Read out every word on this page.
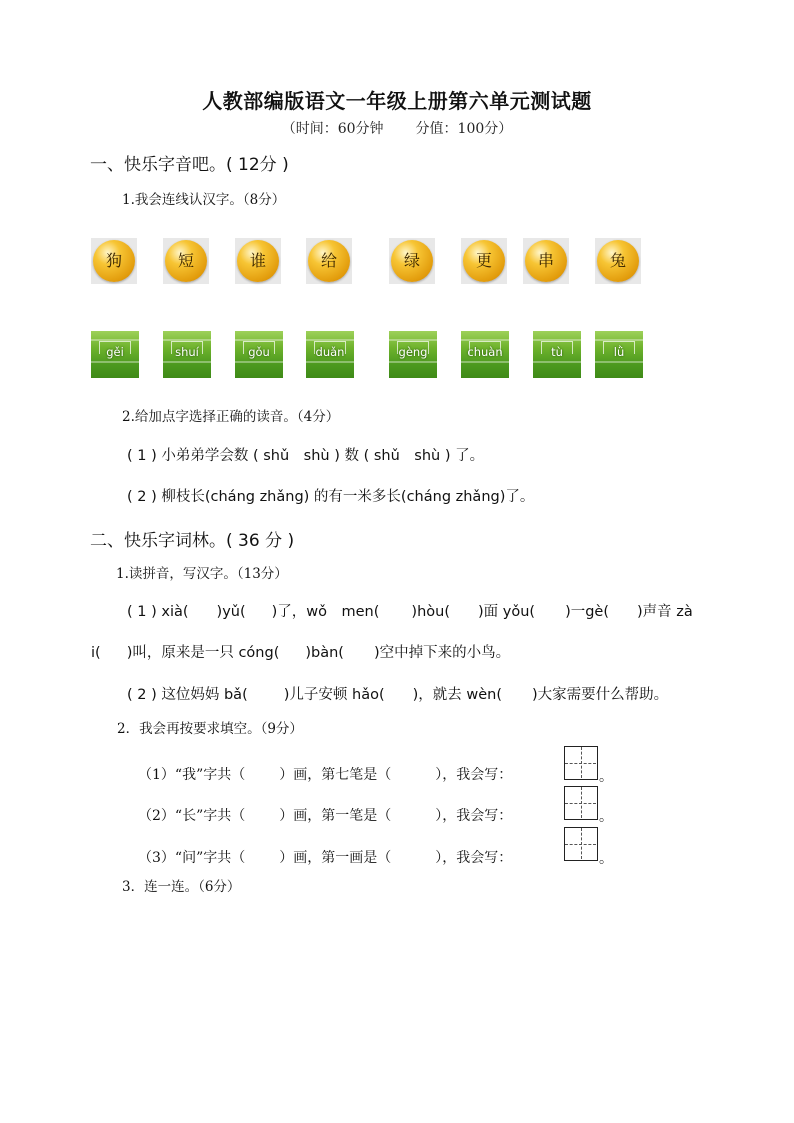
人教部编版语文一年级上册第六单元测试题
（时间：60分钟 分值：100分）
一、快乐字音吧。( 12分 )
1.我会连线认汉字。（8分）
狗	短	谁	给	绿	更	串	兔
gěi	shuí	gǒu	duǎn	gèng	chuàn	tù	lǜ
2.给加点字选择正确的读音。（4分）
( 1 ) 小弟弟学会数 ( shǔ　shù ) 数 ( shǔ　shù ) 了。
( 2 ) 柳枝长(cháng zhǎng) 的有一米多长(cháng zhǎng)了。
二、快乐字词林。( 36 分 )
1.读拼音，写汉字。（13分）
( 1 ) xià( )yǔ( )了，wǒ　men( )hòu( )面 yǒu( )一gè( )声音 zà
i( )叫，原来是一只 cóng( )bàn( )空中掉下来的小鸟。
( 2 ) 这位妈妈 bǎ( )儿子安顿 hǎo( )，就去 wèn( )大家需要什么帮助。
2．我会再按要求填空。（9分）
（1）“我”字共（ ）画，第七笔是（	），我会写：	。
（2）“长”字共（ ）画，第一笔是（	），我会写：	。
（3）“问”字共（ ）画，第一画是（	），我会写：	。
3．连一连。（6分）
